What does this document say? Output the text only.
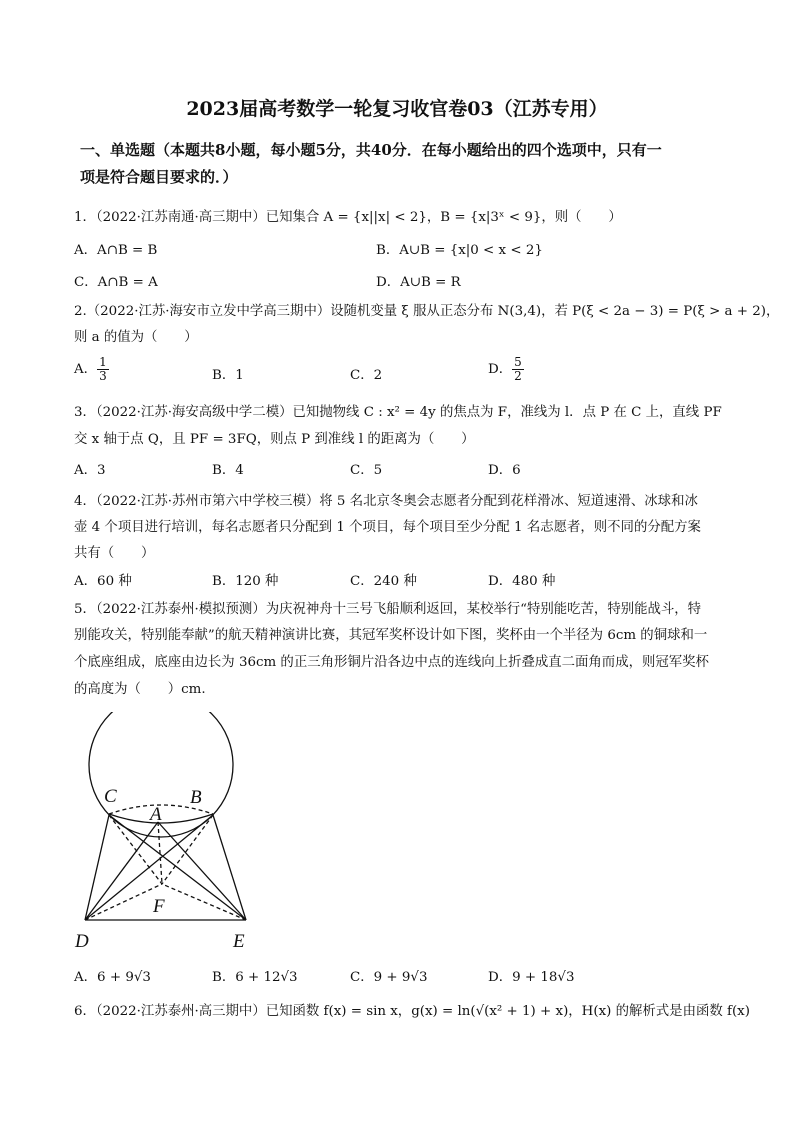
2023届高考数学一轮复习收官卷03（江苏专用）
一、单选题（本题共8小题，每小题5分，共40分．在每小题给出的四个选项中，只有一
项是符合题目要求的．）
1．（2022·江苏南通·高三期中）已知集合 A = {x||x| < 2}，B = {x|3ˣ < 9}，则（　　）
A．A∩B = B	B．A∪B = {x|0 < x < 2}
C．A∩B = A	D．A∪B = R
2.（2022·江苏·海安市立发中学高三期中）设随机变量 ξ 服从正态分布 N(3,4)，若 P(ξ < 2a − 3) = P(ξ > a + 2)，
则 a 的值为（　　）
A． $\frac{1}{3}$	B．1	C．2	D． $\frac{5}{2}$
3．（2022·江苏·海安高级中学二模）已知抛物线 C : x² = 4y 的焦点为 F，准线为 l．点 P 在 C 上，直线 PF
交 x 轴于点 Q，且 PF = 3FQ，则点 P 到准线 l 的距离为（　　）
A．3	B．4	C．5	D．6
4．（2022·江苏·苏州市第六中学校三模）将 5 名北京冬奥会志愿者分配到花样滑冰、短道速滑、冰球和冰
壶 4 个项目进行培训，每名志愿者只分配到 1 个项目，每个项目至少分配 1 名志愿者，则不同的分配方案
共有（　　）
A．60 种	B．120 种	C．240 种	D．480 种
5．（2022·江苏泰州·模拟预测）为庆祝神舟十三号飞船顺利返回，某校举行“特别能吃苦，特别能战斗，特
别能攻关，特别能奉献”的航天精神演讲比赛，其冠军奖杯设计如下图，奖杯由一个半径为 6cm 的铜球和一
个底座组成，底座由边长为 36cm 的正三角形铜片沿各边中点的连线向上折叠成直二面角而成，则冠军奖杯
的高度为（　　）cm.
C	B
A
F
D	E
A．6 + 9√3	B．6 + 12√3	C．9 + 9√3	D．9 + 18√3
6．（2022·江苏泰州·高三期中）已知函数 f(x) = sin x，g(x) = ln(√(x² + 1) + x)，H(x) 的解析式是由函数 f(x)
